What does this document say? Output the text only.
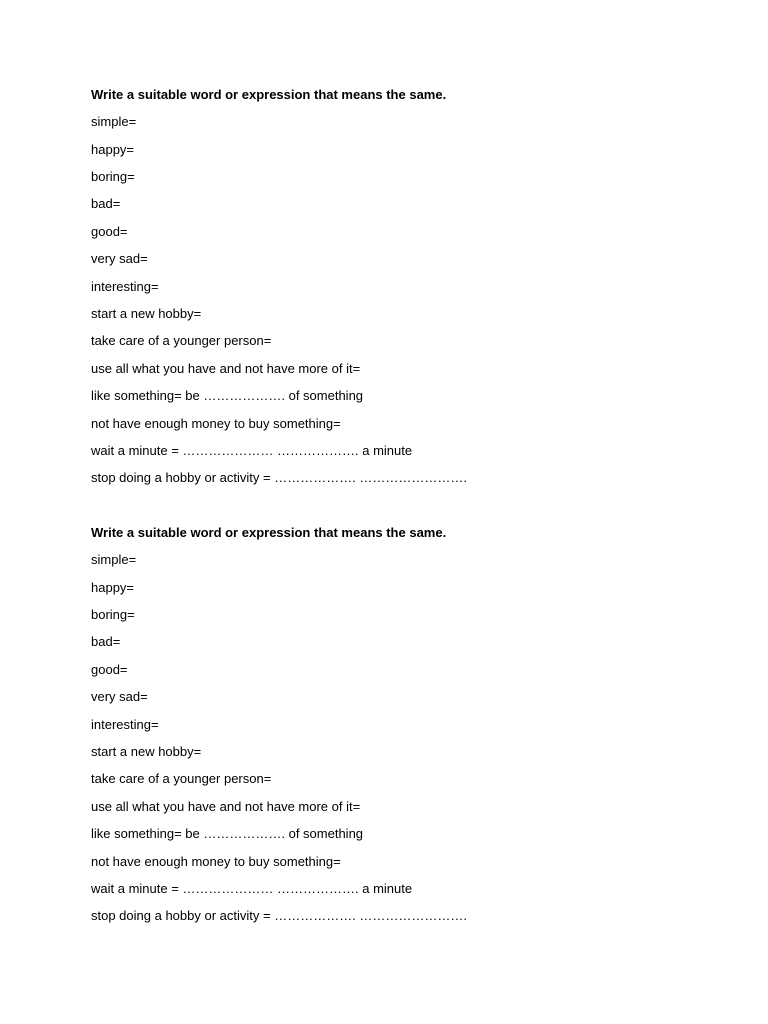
Write a suitable word or expression that means the same.
simple=
happy=
boring=
bad=
good=
very sad=
interesting=
start a new hobby=
take care of a younger person=
use all what you have and not have more of it=
like something= be ………………. of something
not have enough money to buy something=
wait a minute = ………………… ………………. a minute
stop doing a hobby or activity = ………………. …………………….
Write a suitable word or expression that means the same.
simple=
happy=
boring=
bad=
good=
very sad=
interesting=
start a new hobby=
take care of a younger person=
use all what you have and not have more of it=
like something= be ………………. of something
not have enough money to buy something=
wait a minute = ………………… ………………. a minute
stop doing a hobby or activity = ………………. …………………….
